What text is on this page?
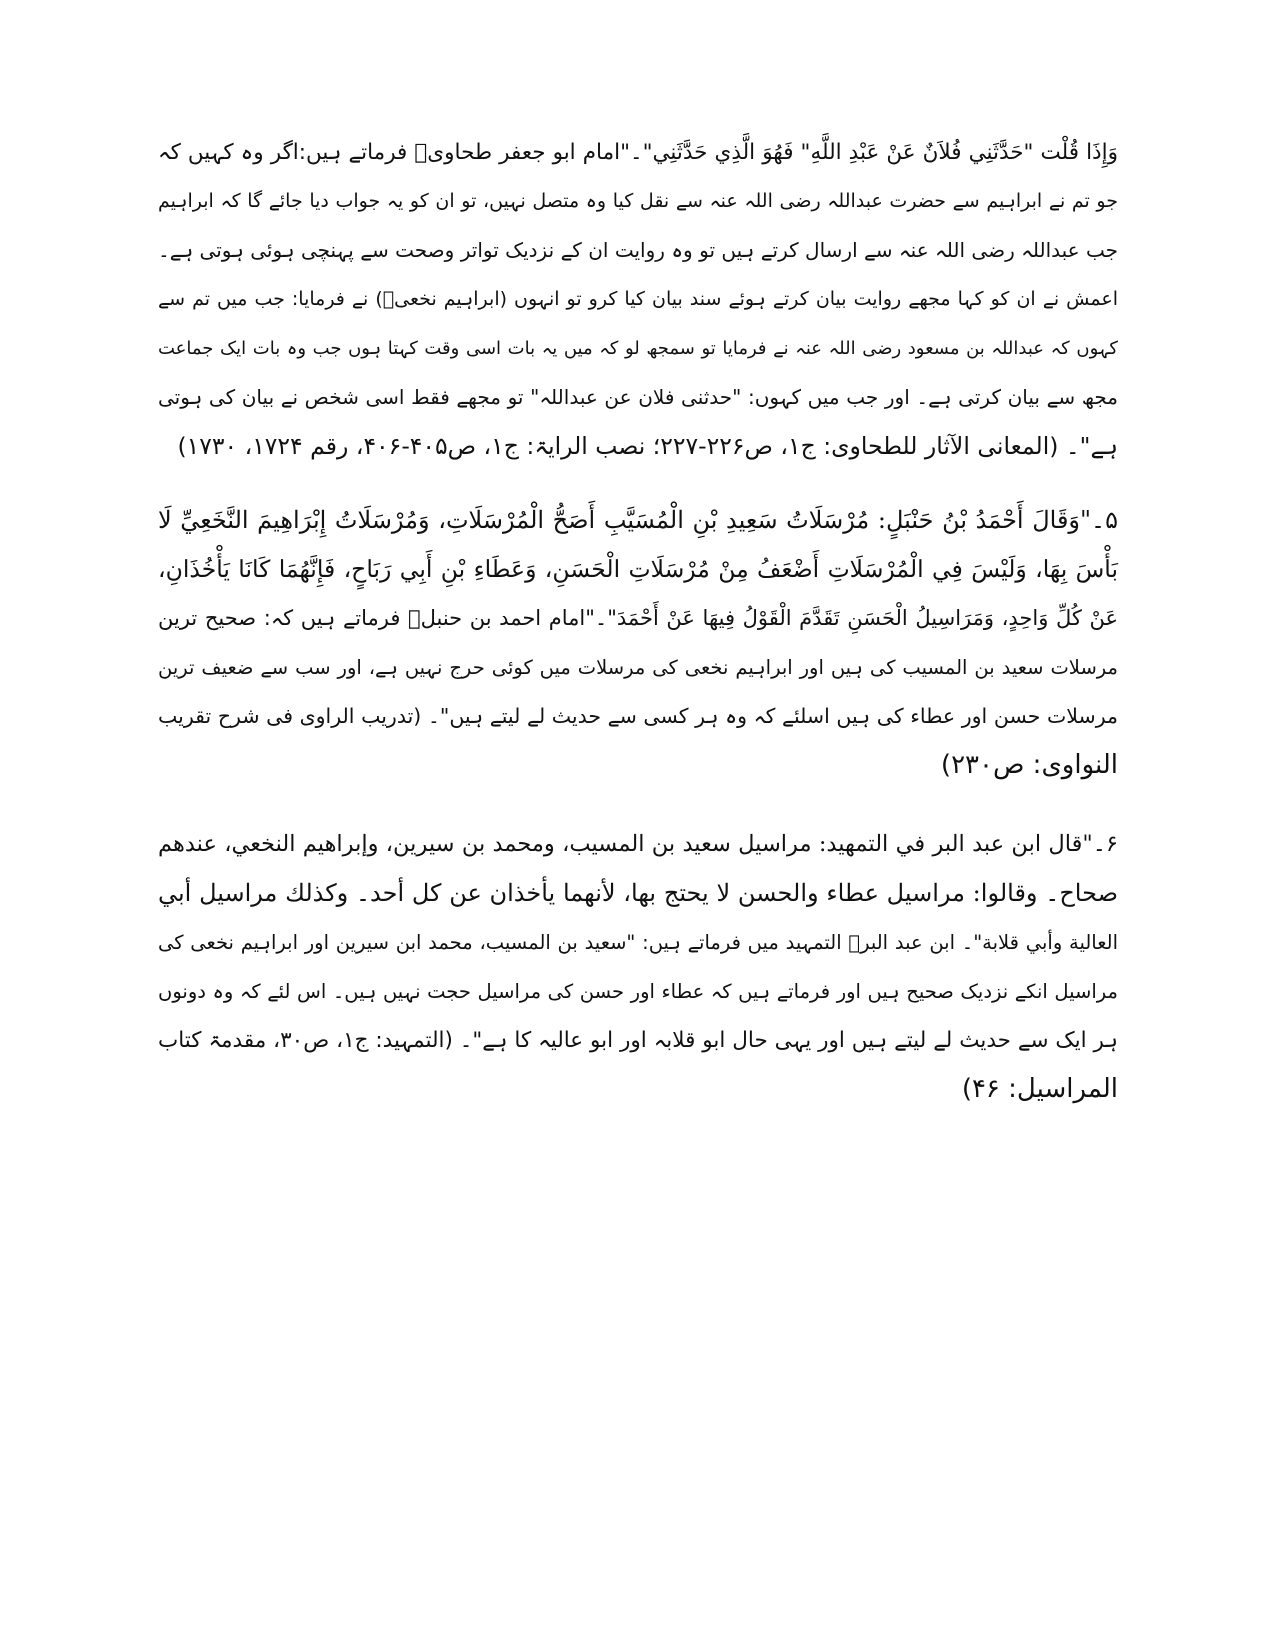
وَإِذَا قُلْت "حَدَّثَنِي فُلاَنٌ عَنْ عَبْدِ اللَّهِ" فَهُوَ الَّذِي حَدَّثَنِي"۔"امام ابو جعفر طحاویؒ فرماتے ہیں:اگر وہ کہیں کہ
جو تم نے ابراہیم سے حضرت عبداللہ رضی اللہ عنہ سے نقل کیا وہ متصل نہیں، تو ان کو یہ جواب دیا جائے گا کہ ابراہیم
جب عبداللہ رضی اللہ عنہ سے ارسال کرتے ہیں تو وہ روایت ان کے نزدیک تواتر وصحت سے پہنچی ہوئی ہوتی ہے۔
اعمش نے ان کو کہا مجھے روایت بیان کرتے ہوئے سند بیان کیا کرو تو انہوں (ابراہیم نخعیؒ) نے فرمایا: جب میں تم سے
کہوں کہ عبداللہ بن مسعود رضی اللہ عنہ نے فرمایا تو سمجھ لو کہ میں یہ بات اسی وقت کہتا ہوں جب وہ بات ایک جماعت
مجھ سے بیان کرتی ہے۔ اور جب میں کہوں: "حدثنی فلان عن عبداللہ" تو مجھے فقط اسی شخص نے بیان کی ہوتی
ہے"۔ (المعانی الآثار للطحاوی: ج۱، ص۲۲۶-۲۲۷؛ نصب الرایۃ: ج۱، ص۴۰۵-۴۰۶، رقم ۱۷۲۴، ۱۷۳۰)
۵۔"وَقَالَ أَحْمَدُ بْنُ حَنْبَلٍ: مُرْسَلَاتُ سَعِيدِ بْنِ الْمُسَيَّبِ أَصَحُّ الْمُرْسَلَاتِ، وَمُرْسَلَاتُ إِبْرَاهِيمَ النَّخَعِيِّ لَا
بَأْسَ بِهَا، وَلَيْسَ فِي الْمُرْسَلَاتِ أَضْعَفُ مِنْ مُرْسَلَاتِ الْحَسَنِ، وَعَطَاءِ بْنِ أَبِي رَبَاحٍ، فَإِنَّهُمَا كَانَا يَأْخُذَانِ،
عَنْ كُلِّ وَاحِدٍ، وَمَرَاسِيلُ الْحَسَنِ تَقَدَّمَ الْقَوْلُ فِيهَا عَنْ أَحْمَدَ"۔"امام احمد بن حنبلؒ فرماتے ہیں کہ: صحیح ترین
مرسلات سعید بن المسیب کی ہیں اور ابراہیم نخعی کی مرسلات میں کوئی حرج نہیں ہے، اور سب سے ضعیف ترین
مرسلات حسن اور عطاء کی ہیں اسلئے کہ وہ ہر کسی سے حدیث لے لیتے ہیں"۔ (تدریب الراوی فی شرح تقریب
النواوی: ص۲۳۰)
۶۔"قال ابن عبد البر في التمهيد: مراسيل سعيد بن المسيب، ومحمد بن سيرين، وإبراهيم النخعي، عندهم
صحاح۔ وقالوا: مراسيل عطاء والحسن لا يحتج بها، لأنهما يأخذان عن كل أحد۔ وكذلك مراسيل أبي
العالية وأبي قلابة"۔ ابن عبد البرؒ التمہید میں فرماتے ہیں: "سعید بن المسیب، محمد ابن سیرین اور ابراہیم نخعی کی
مراسیل انکے نزدیک صحیح ہیں اور فرماتے ہیں کہ عطاء اور حسن کی مراسیل حجت نہیں ہیں۔ اس لئے کہ وہ دونوں
ہر ایک سے حدیث لے لیتے ہیں اور یہی حال ابو قلابہ اور ابو عالیہ کا ہے"۔ (التمہید: ج۱، ص۳۰، مقدمۃ کتاب
المراسیل: ۴۶)
